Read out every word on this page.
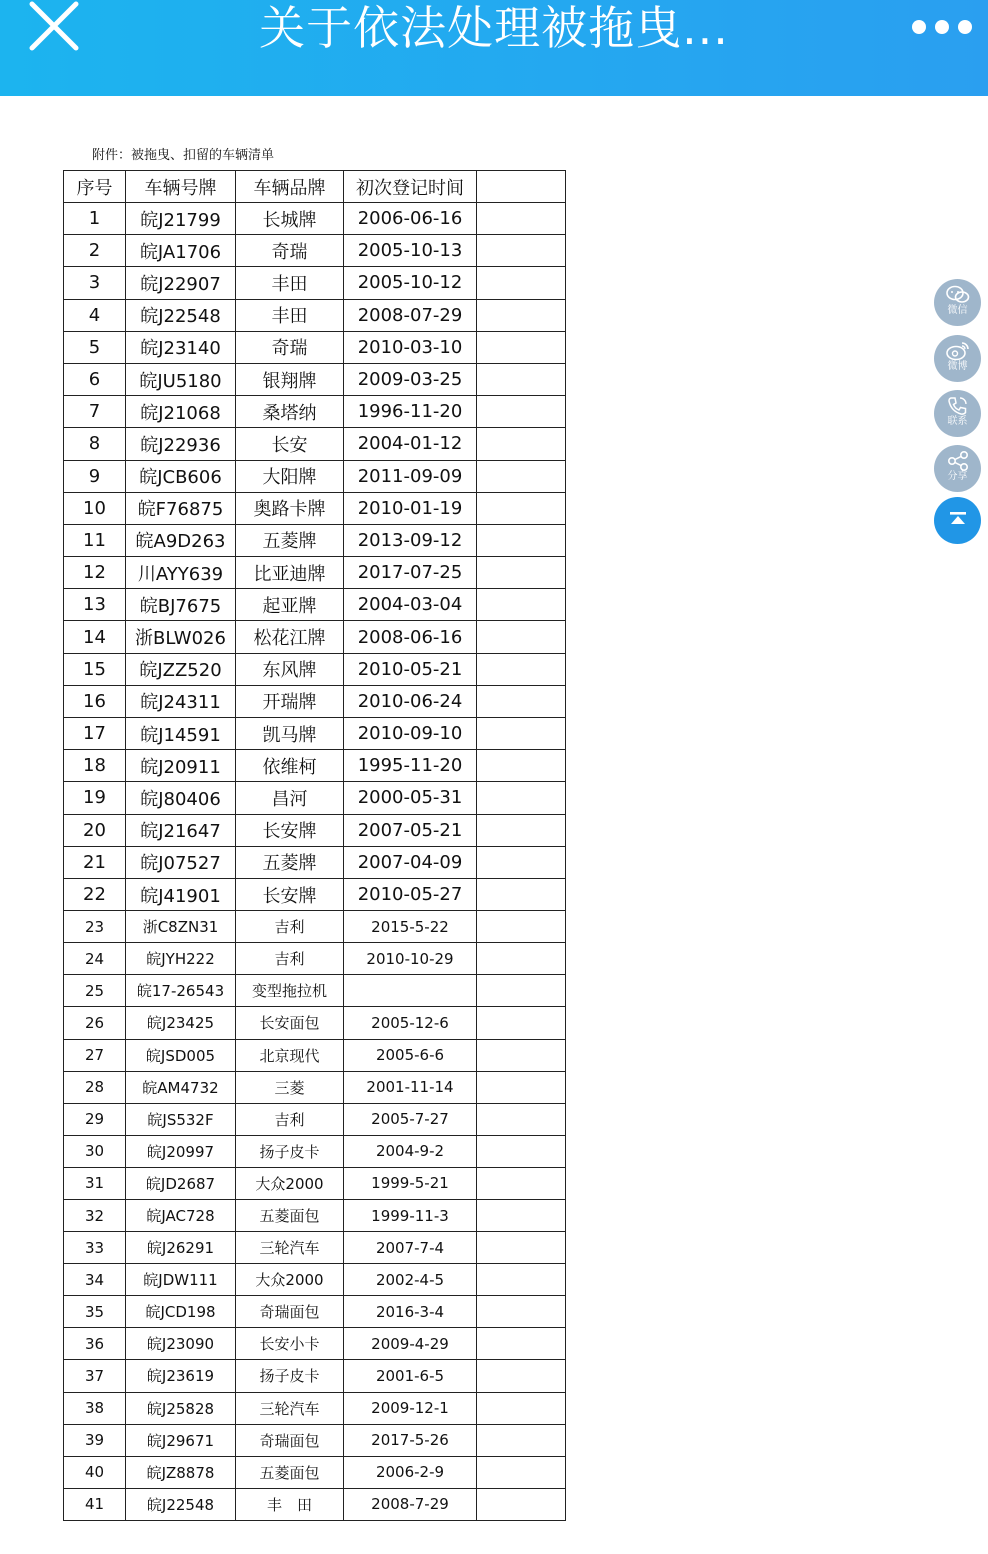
关于依法处理被拖曳...
附件：被拖曳、扣留的车辆清单
序号	车辆号牌	车辆品牌	初次登记时间	
1	皖J21799	长城牌	2006-06-16	
2	皖JA1706	奇瑞	2005-10-13	
3	皖J22907	丰田	2005-10-12	
4	皖J22548	丰田	2008-07-29	
5	皖J23140	奇瑞	2010-03-10	
6	皖JU5180	银翔牌	2009-03-25	
7	皖J21068	桑塔纳	1996-11-20	
8	皖J22936	长安	2004-01-12	
9	皖JCB606	大阳牌	2011-09-09	
10	皖F76875	奥路卡牌	2010-01-19	
11	皖A9D263	五菱牌	2013-09-12	
12	川AYY639	比亚迪牌	2017-07-25	
13	皖BJ7675	起亚牌	2004-03-04	
14	浙BLW026	松花江牌	2008-06-16	
15	皖JZZ520	东风牌	2010-05-21	
16	皖J24311	开瑞牌	2010-06-24	
17	皖J14591	凯马牌	2010-09-10	
18	皖J20911	依维柯	1995-11-20	
19	皖J80406	昌河	2000-05-31	
20	皖J21647	长安牌	2007-05-21	
21	皖J07527	五菱牌	2007-04-09	
22	皖J41901	长安牌	2010-05-27	
23	浙C8ZN31	吉利	2015-5-22	
24	皖JYH222	吉利	2010-10-29	
25	皖17-26543	变型拖拉机		
26	皖J23425	长安面包	2005-12-6	
27	皖JSD005	北京现代	2005-6-6	
28	皖AM4732	三菱	2001-11-14	
29	皖JS532F	吉利	2005-7-27	
30	皖J20997	扬子皮卡	2004-9-2	
31	皖JD2687	大众2000	1999-5-21	
32	皖JAC728	五菱面包	1999-11-3	
33	皖J26291	三轮汽车	2007-7-4	
34	皖JDW111	大众2000	2002-4-5	
35	皖JCD198	奇瑞面包	2016-3-4	
36	皖J23090	长安小卡	2009-4-29	
37	皖J23619	扬子皮卡	2001-6-5	
38	皖J25828	三轮汽车	2009-12-1	
39	皖J29671	奇瑞面包	2017-5-26	
40	皖JZ8878	五菱面包	2006-2-9	
41	皖J22548	丰　田	2008-7-29	
微信
微博
联系
分享
